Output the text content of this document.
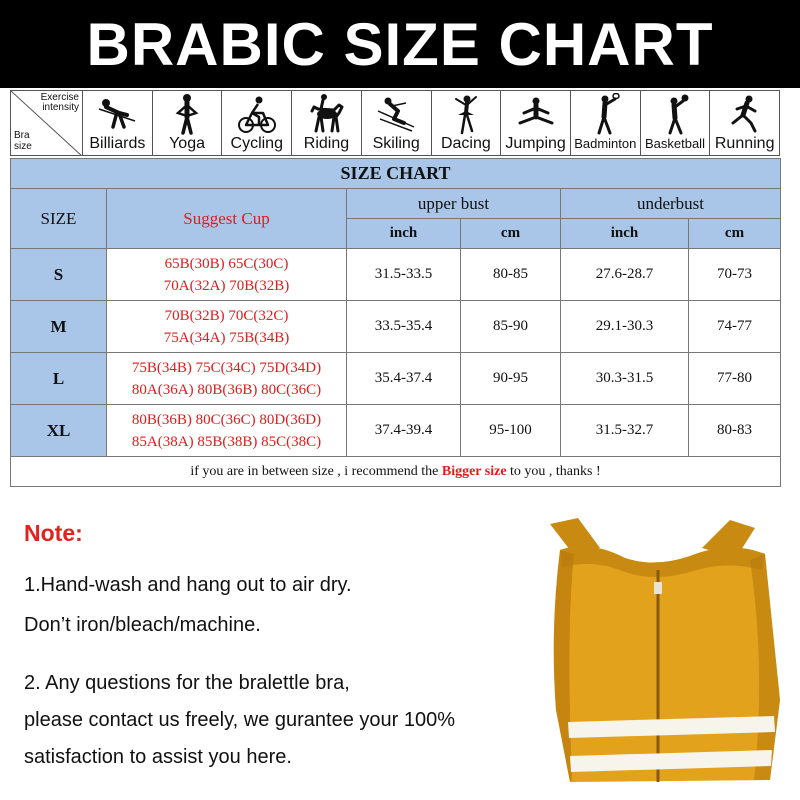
BRABIC SIZE CHART
Exercise
intensity
Bra
size	Billiards Yoga Cycling Riding Skiling Dacing Jumping Badminton Basketball Running
SIZE CHART					
SIZE	Suggest Cup	upper bust		underbust	
		inch	cm	inch	cm
S	65B(30B) 65C(30C)
70A(32A) 70B(32B)	31.5-33.5	80-85	27.6-28.7	70-73
M	70B(32B) 70C(32C)
75A(34A) 75B(34B)	33.5-35.4	85-90	29.1-30.3	74-77
L	75B(34B) 75C(34C) 75D(34D)
80A(36A) 80B(36B) 80C(36C)	35.4-37.4	90-95	30.3-31.5	77-80
XL	80B(36B) 80C(36C) 80D(36D)
85A(38A) 85B(38B) 85C(38C)	37.4-39.4	95-100	31.5-32.7	80-83
if you are in between size , i recommend the Bigger size to you , thanks !					
Note:
1.Hand-wash and hang out to air dry.
Don’t iron/bleach/machine.
2. Any questions for the bralettle bra,
please contact us freely, we gurantee your 100%
satisfaction to assist you here.
